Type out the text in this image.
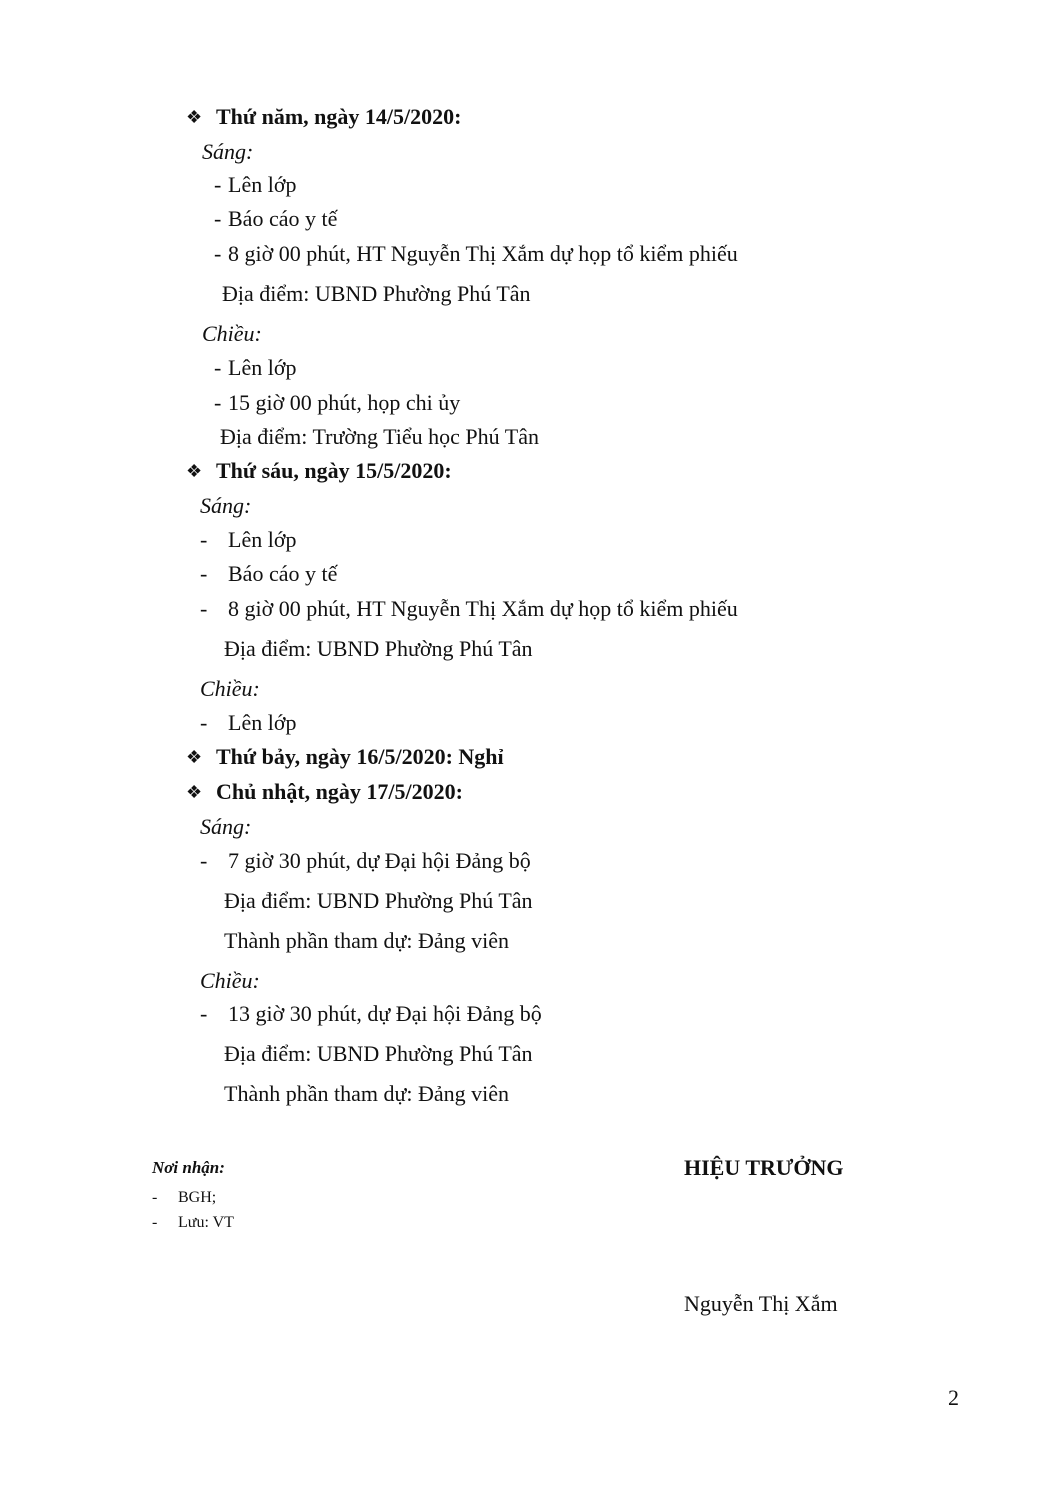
❖ Thứ năm, ngày 14/5/2020:
Sáng:
- Lên lớp
- Báo cáo y tế
- 8 giờ 00 phút, HT Nguyễn Thị Xắm dự họp tổ kiểm phiếu
Địa điểm: UBND Phường Phú Tân
Chiều:
- Lên lớp
- 15 giờ 00 phút, họp chi ủy
Địa điểm: Trường Tiểu học Phú Tân
❖ Thứ sáu, ngày 15/5/2020:
Sáng:
- Lên lớp
- Báo cáo y tế
- 8 giờ 00 phút, HT Nguyễn Thị Xắm dự họp tổ kiểm phiếu
Địa điểm: UBND Phường Phú Tân
Chiều:
- Lên lớp
❖ Thứ bảy, ngày 16/5/2020: Nghỉ
❖ Chủ nhật, ngày 17/5/2020:
Sáng:
- 7 giờ 30 phút, dự Đại hội Đảng bộ
Địa điểm: UBND Phường Phú Tân
Thành phần tham dự: Đảng viên
Chiều:
- 13 giờ 30 phút, dự Đại hội Đảng bộ
Địa điểm: UBND Phường Phú Tân
Thành phần tham dự: Đảng viên
Nơi nhận:
- BGH;
- Lưu: VT
HIỆU TRƯỞNG
Nguyễn Thị Xắm
2
